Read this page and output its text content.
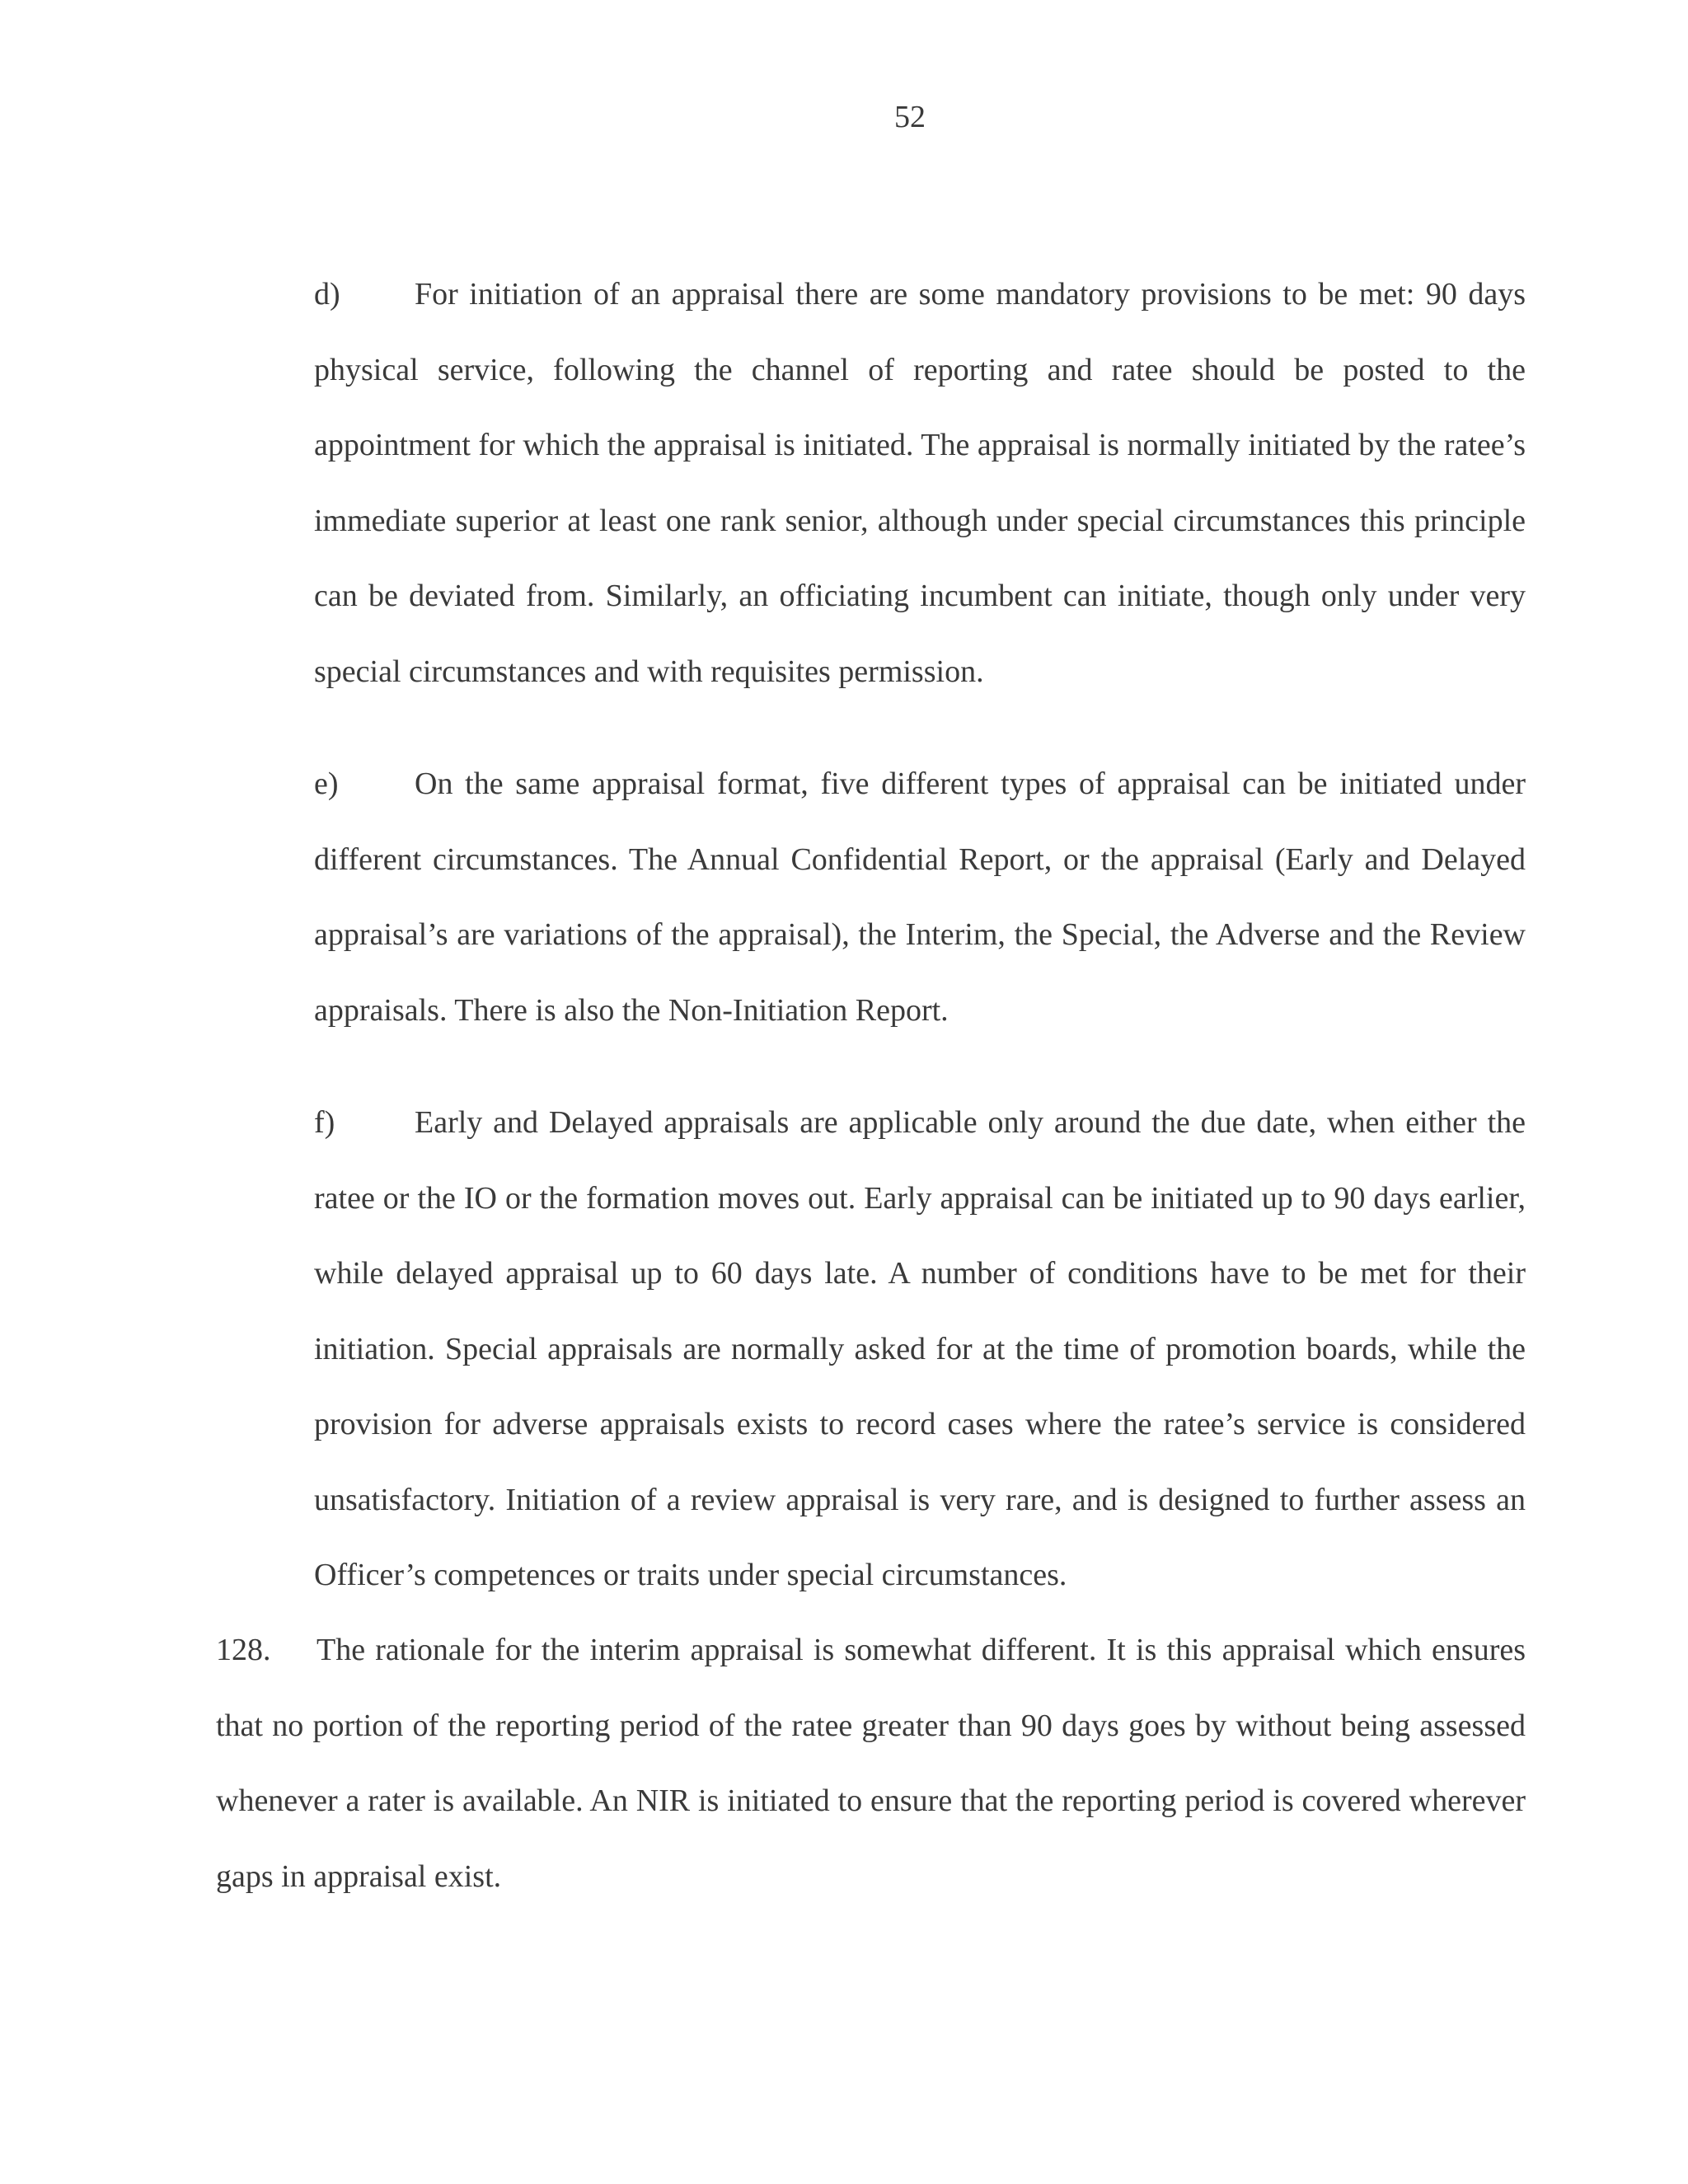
52

d) For initiation of an appraisal there are some mandatory provisions to be met: 90 days physical service, following the channel of reporting and ratee should be posted to the appointment for which the appraisal is initiated. The appraisal is normally initiated by the ratee’s immediate superior at least one rank senior, although under special circumstances this principle can be deviated from. Similarly, an officiating incumbent can initiate, though only under very special circumstances and with requisites permission.

e) On the same appraisal format, five different types of appraisal can be initiated under different circumstances. The Annual Confidential Report, or the appraisal (Early and Delayed appraisal’s are variations of the appraisal), the Interim, the Special, the Adverse and the Review appraisals. There is also the Non-Initiation Report.

f)	Early and Delayed appraisals are applicable only around the due date, when either the ratee or the IO or the formation moves out. Early appraisal can be initiated up to 90 days earlier, while delayed appraisal up to 60 days late. A number of conditions have to be met for their initiation. Special appraisals are normally asked for at the time of promotion boards, while the provision for adverse appraisals exists to record cases where the ratee’s service is considered unsatisfactory. Initiation of a review appraisal is very rare, and is designed to further assess an Officer’s competences or traits under special circumstances.

128. The rationale for the interim appraisal is somewhat different. It is this appraisal which ensures that no portion of the reporting period of the ratee greater than 90 days goes by without being assessed whenever a rater is available. An NIR is initiated to ensure that the reporting period is covered wherever gaps in appraisal exist.
